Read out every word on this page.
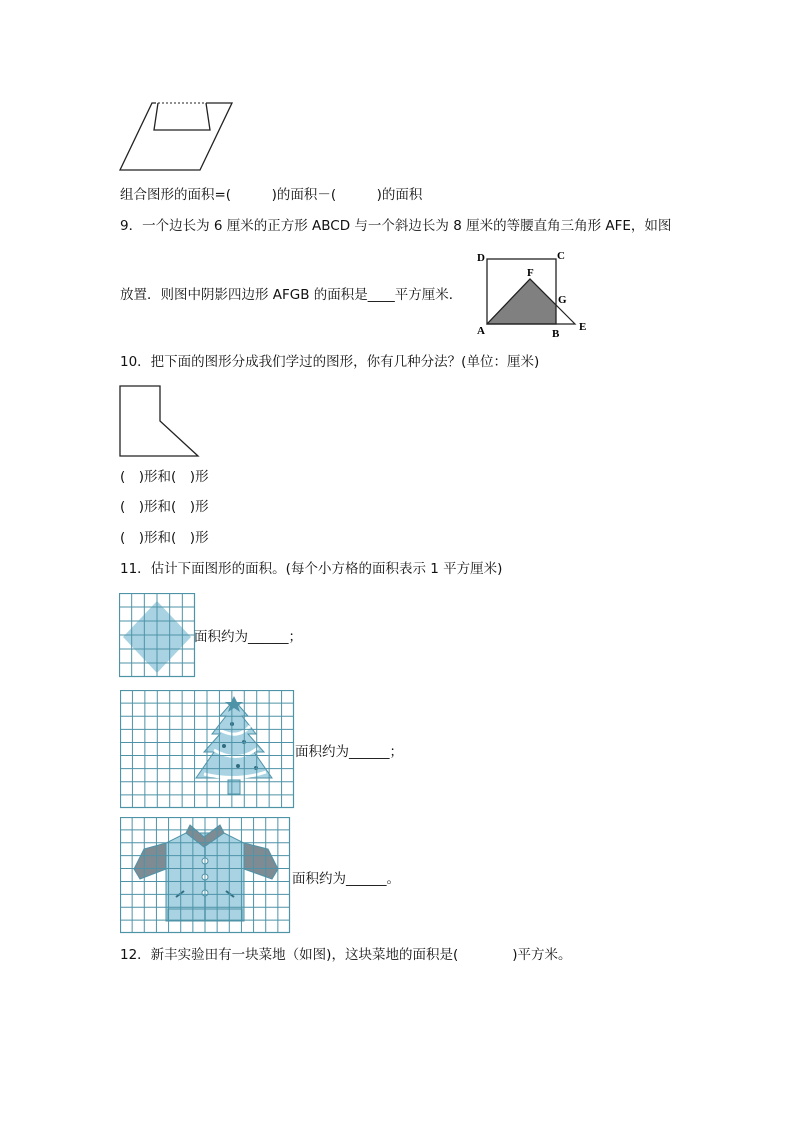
组合图形的面积=(　　　)的面积－(　　　)的面积
9．一个边长为 6 厘米的正方形 ABCD 与一个斜边长为 8 厘米的等腰直角三角形 AFE，如图
放置．则图中阴影四边形 AFGB 的面积是____平方厘米．
D	C
F
G
A	B
E
10．把下面的图形分成我们学过的图形，你有几种分法？(单位：厘米)
(　)形和(　)形
(　)形和(　)形
(　)形和(　)形
11．估计下面图形的面积。(每个小方格的面积表示 1 平方厘米)
面积约为______；
面积约为______；
面积约为______。
12．新丰实验田有一块菜地（如图)，这块菜地的面积是(　　　　)平方米。
